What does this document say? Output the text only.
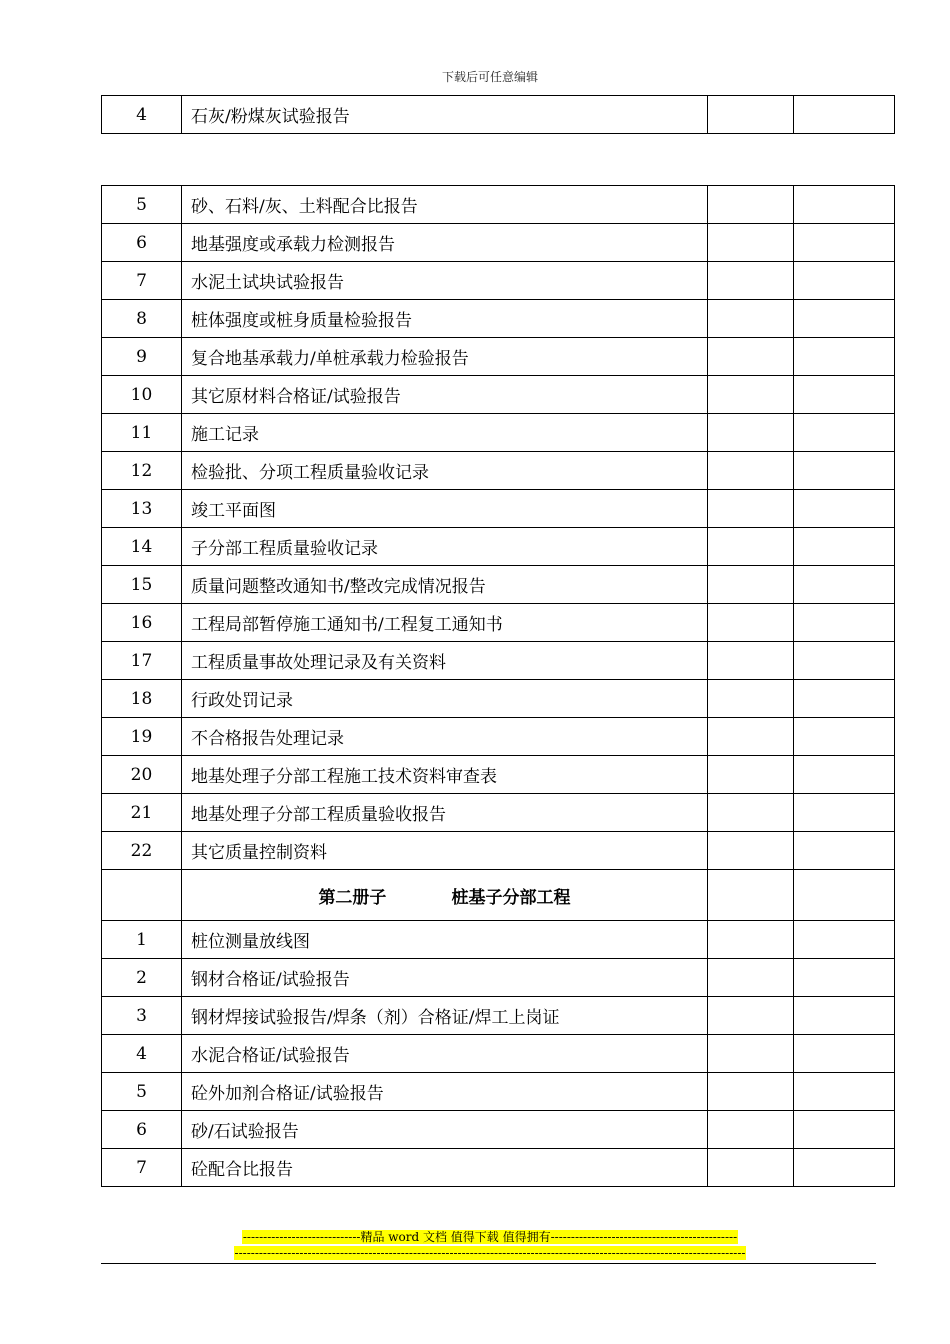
下载后可任意编辑
4	石灰/粉煤灰试验报告		
5	砂、石料/灰、土料配合比报告		
6	地基强度或承载力检测报告		
7	水泥土试块试验报告		
8	桩体强度或桩身质量检验报告		
9	复合地基承载力/单桩承载力检验报告		
10	其它原材料合格证/试验报告		
11	施工记录		
12	检验批、分项工程质量验收记录		
13	竣工平面图		
14	子分部工程质量验收记录		
15	质量问题整改通知书/整改完成情况报告		
16	工程局部暂停施工通知书/工程复工通知书		
17	工程质量事故处理记录及有关资料		
18	行政处罚记录		
19	不合格报告处理记录		
20	地基处理子分部工程施工技术资料审查表		
21	地基处理子分部工程质量验收报告		
22	其它质量控制资料		
	第二册子           桩基子分部工程		
1	桩位测量放线图		
2	钢材合格证/试验报告		
3	钢材焊接试验报告/焊条（剂）合格证/焊工上岗证		
4	水泥合格证/试验报告		
5	砼外加剂合格证/试验报告		
6	砂/石试验报告		
7	砼配合比报告		
-----------------------------精品 word 文档 值得下载 值得拥有----------------------------------------------
------------------------------------------------------------------------------------------------------------------------------
